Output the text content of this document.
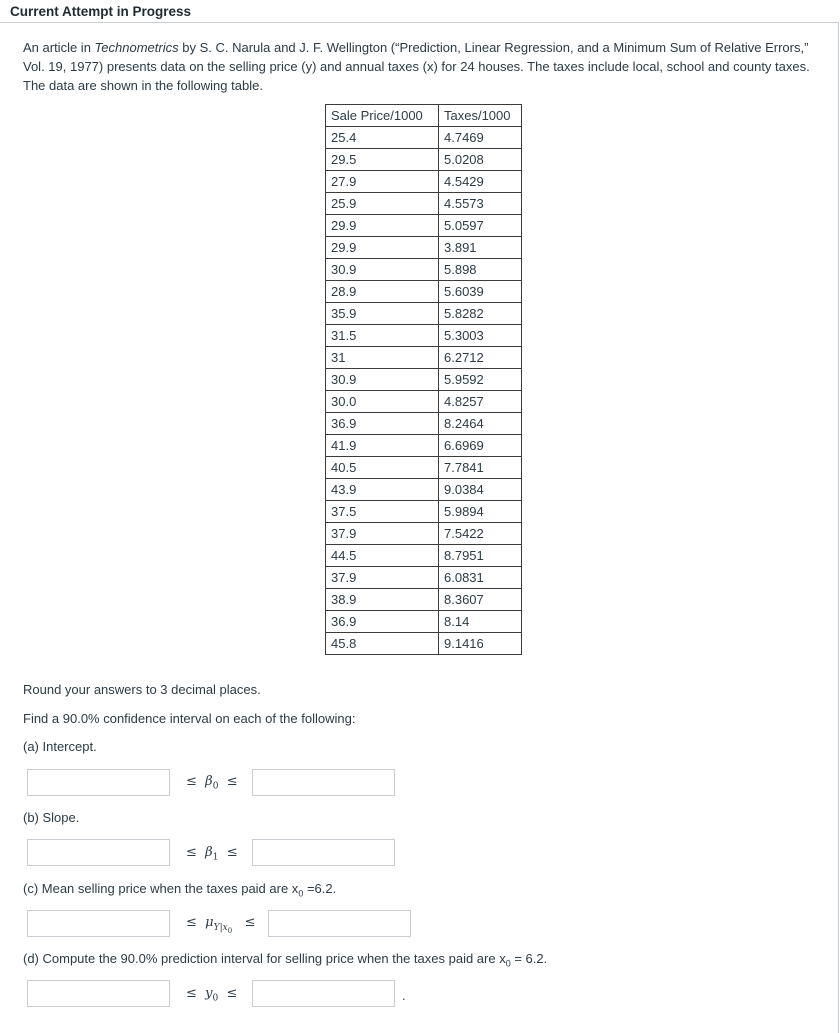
Current Attempt in Progress
An article in Technometrics by S. C. Narula and J. F. Wellington (“Prediction, Linear Regression, and a Minimum Sum of Relative Errors,” Vol. 19, 1977) presents data on the selling price (y) and annual taxes (x) for 24 houses. The taxes include local, school and county taxes. The data are shown in the following table.
Sale Price/1000	Taxes/1000
25.4	4.7469
29.5	5.0208
27.9	4.5429
25.9	4.5573
29.9	5.0597
29.9	3.891
30.9	5.898
28.9	5.6039
35.9	5.8282
31.5	5.3003
31	6.2712
30.9	5.9592
30.0	4.8257
36.9	8.2464
41.9	6.6969
40.5	7.7841
43.9	9.0384
37.5	5.9894
37.9	7.5422
44.5	8.7951
37.9	6.0831
38.9	8.3607
36.9	8.14
45.8	9.1416
Round your answers to 3 decimal places.
Find a 90.0% confidence interval on each of the following:
(a) Intercept.
≤ $\beta_0$ ≤
(b) Slope.
≤ $\beta_1$ ≤
(c) Mean selling price when the taxes paid are $x_0 =6.2$.
≤ $\mu_{Y|x_0}$   ≤
(d) Compute the 90.0% prediction interval for selling price when the taxes paid are $x_0 = 6.2$.
≤ $y_0$ ≤	.
